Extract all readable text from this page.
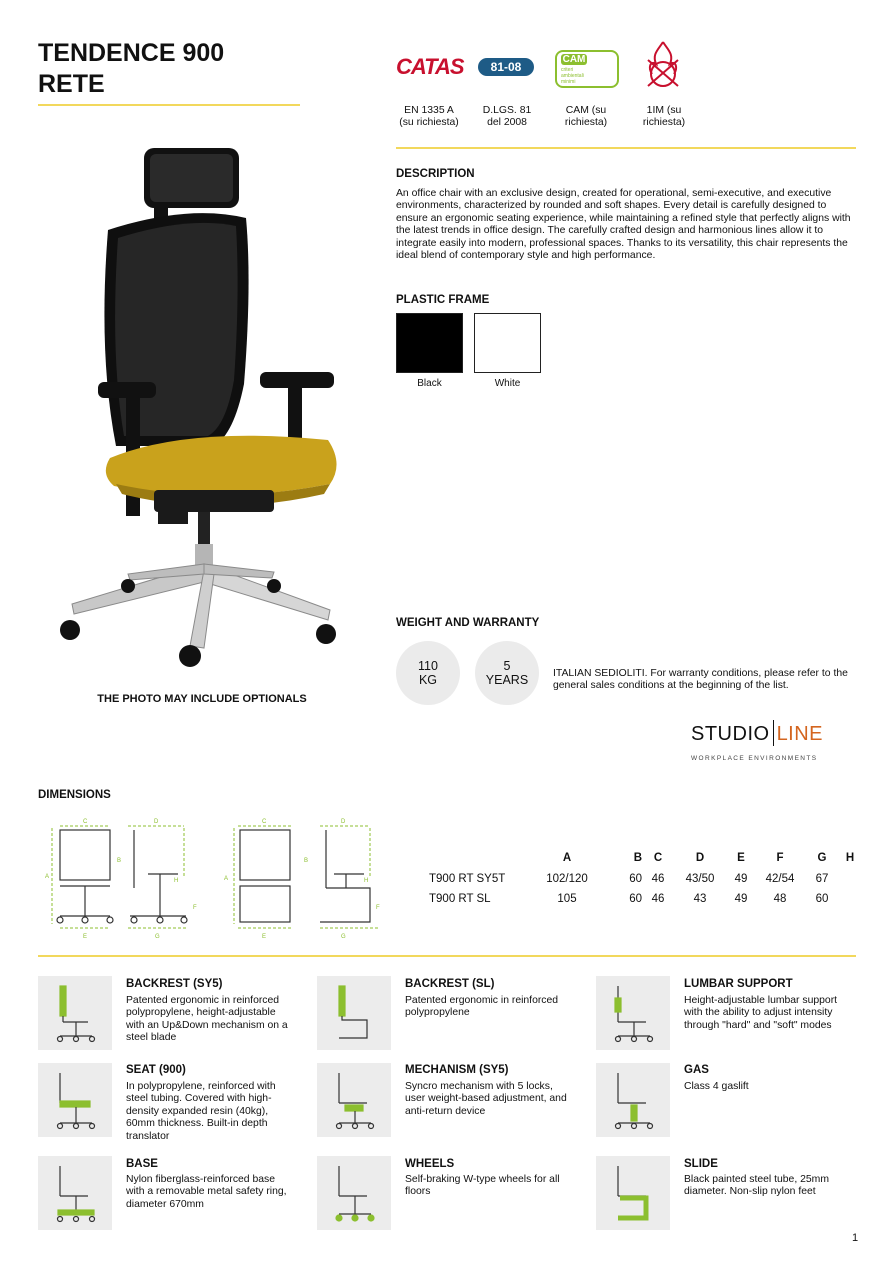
TENDENCE 900
RETE
THE PHOTO MAY INCLUDE OPTIONALS
CATAS	81-08
CAM
criteri ambientali minimi
EN 1335 A
(su richiesta)
D.LGS. 81
del 2008
CAM (su
richiesta)
1IM (su
richiesta)
DESCRIPTION
An office chair with an exclusive design, created for operational, semi-executive, and executive environments, characterized by rounded and soft shapes. Every detail is carefully designed to ensure an ergonomic seating experience, while maintaining a refined style that perfectly aligns with the latest trends in office design. The carefully crafted design and harmonious lines allow it to integrate easily into modern, professional spaces. Thanks to its versatility, this chair represents the ideal blend of contemporary style and high performance.
PLASTIC FRAME
Black	White
WEIGHT AND WARRANTY
110
KG
5
YEARS ITALIAN SEDIOLITI. For warranty conditions, please refer to the general sales conditions at the beginning of the list.
STUDIO LINE
WORKPLACE ENVIRONMENTS
DIMENSIONS
C
A
B
E
D
H
F
G
C
A
E
D
B
H
F
G
	A	B	C	D	E	F	G	H
T900 RT SY5T	102/120	60	46	43/50	49	42/54	67	
T900 RT SL	105	60	46	43	49	48	60	
BACKREST (SY5)
Patented ergonomic in reinforced polypropylene, height-adjustable with an Up&Down mechanism on a steel blade
BACKREST (SL)
Patented ergonomic in reinforced polypropylene
LUMBAR SUPPORT
Height-adjustable lumbar support with the ability to adjust intensity through "hard" and "soft" modes
SEAT (900)
In polypropylene, reinforced with steel tubing. Covered with high-density expanded resin (40kg), 60mm thickness. Built-in depth translator
MECHANISM (SY5)
Syncro mechanism with 5 locks, user weight-based adjustment, and anti-return device
GAS
Class 4 gaslift
BASE
Nylon fiberglass-reinforced base with a removable metal safety ring, diameter 670mm
WHEELS
Self-braking W-type wheels for all floors
SLIDE
Black painted steel tube, 25mm diameter. Non-slip nylon feet
1
